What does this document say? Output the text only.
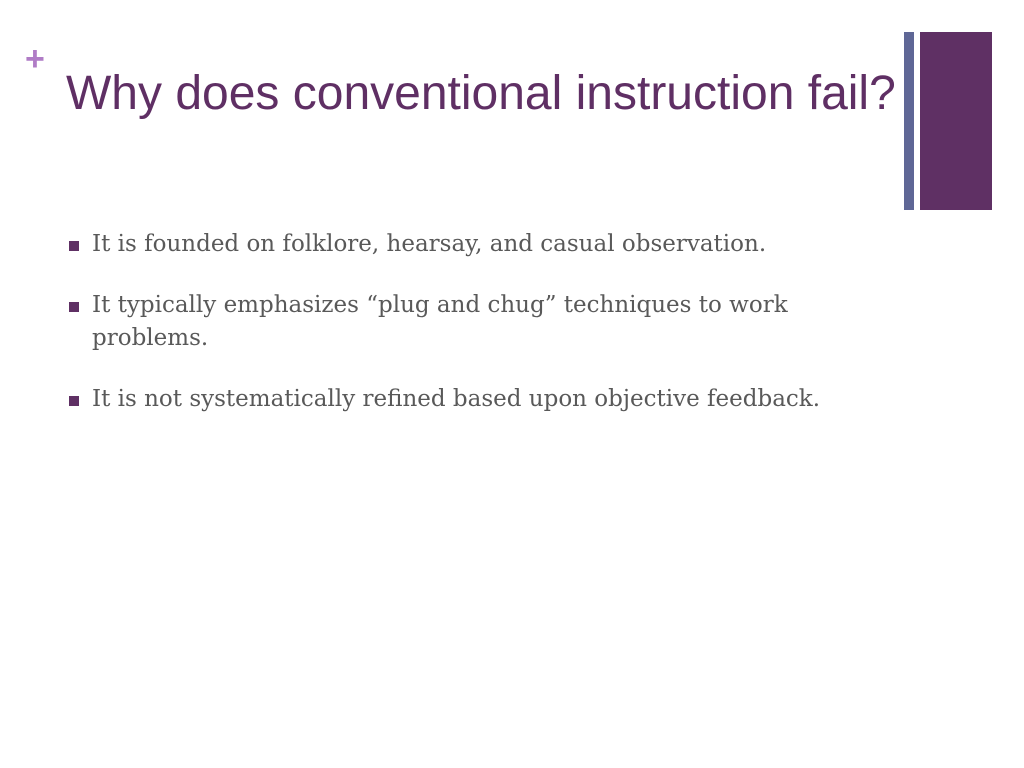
+
Why does conventional instruction fail?
It is founded on folklore, hearsay, and casual observation.
It typically emphasizes “plug and chug” techniques to work problems.
It is not systematically refined based upon objective feedback.
